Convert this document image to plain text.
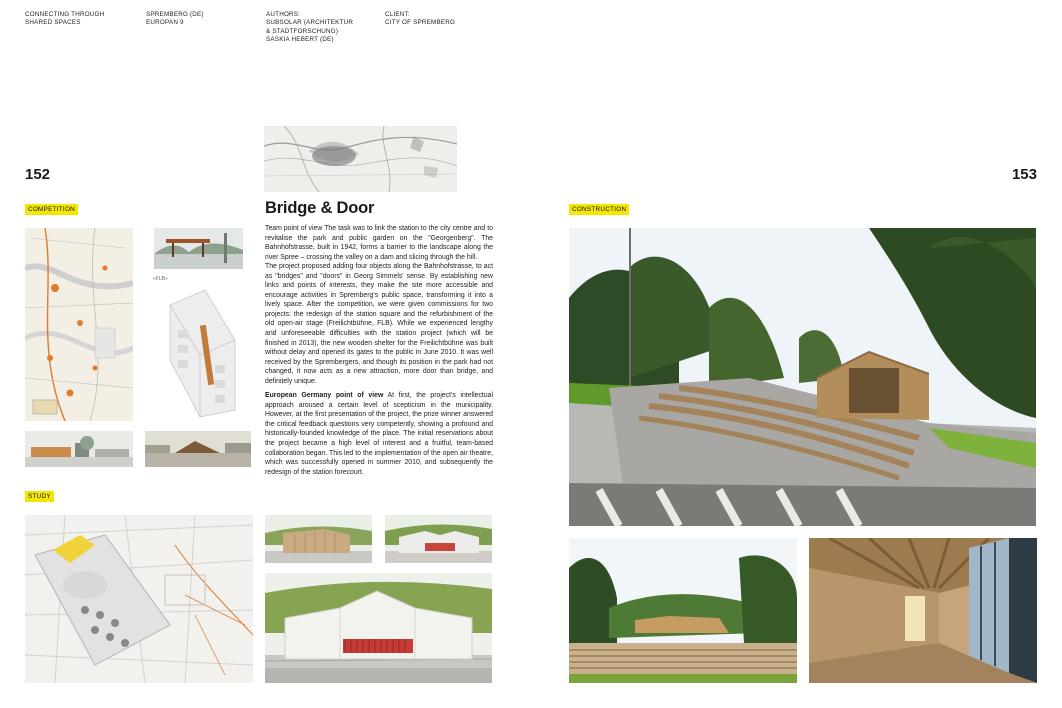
CONNECTING THROUGH
SHARED SPACES
SPREMBERG (DE)
EUROPAN 9
AUTHORS:
SUBSOLAR (ARCHITEKTUR
& STADTFORSCHUNG)
SASKIA HEBERT (DE)
CLIENT:
CITY OF SPREMBERG
152	153
COMPETITION
STUDY
CONSTRUCTION
«FLB»
Bridge & Door

Team point of view The task was to link the station to the city centre and to revitalise the park and public garden on the "Georgenberg". The Bahnhofstrasse, built in 1942, forms a barrier to the landscape along the river Spree – crossing the valley on a dam and slicing through the hill.

The project proposed adding four objects along the Bahnhofstrasse, to act as "bridges" and "doors" in Georg Simmels' sense. By establishing new links and points of interests, they make the site more accessible and encourage activities in Spremberg's public space, transforming it into a lively space. After the competition, we were given commissions for two projects: the redesign of the station square and the refurbishment of the old open-air stage (Freilichtbühne, FLB). While we experienced lengthy and unforeseeable difficulties with the station project (which will be finished in 2013), the new wooden shelter for the Freilichtbühne was built without delay and opened its gates to the public in June 2010. It was well received by the Sprembergers, and though its position in the park had not changed, it now acts as a new attraction, more door than bridge, and definitely unique.

European Germany point of view At first, the project's intellectual approach aroused a certain level of scepticism in the municipality. However, at the first presentation of the project, the prize winner answered the critical feedback questions very competently, showing a profound and historically-founded knowledge of the place. The initial reservations about the project became a high level of interest and a fruitful, team-based collaboration began. This led to the implementation of the open air theatre, which was successfully opened in summer 2010, and subsequently the redesign of the station forecourt.
